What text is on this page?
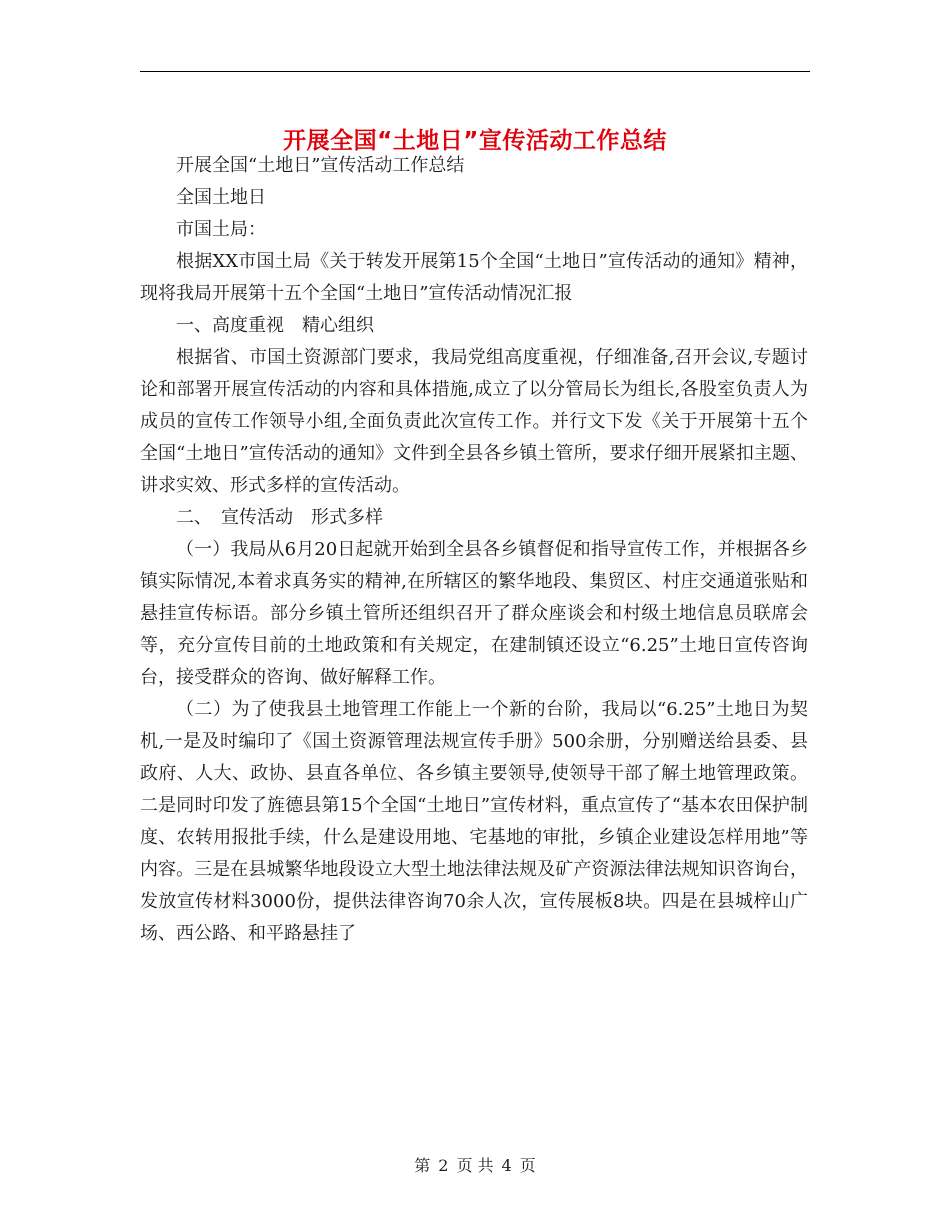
开展全国“土地日”宣传活动工作总结

开展全国“土地日”宣传活动工作总结

全国土地日

市国土局：

根据XX市国土局《关于转发开展第15个全国“土地日”宣传活动的通知》精神，现将我局开展第十五个全国“土地日”宣传活动情况汇报

一、高度重视　精心组织

根据省、市国土资源部门要求，我局党组高度重视，仔细准备,召开会议,专题讨论和部署开展宣传活动的内容和具体措施,成立了以分管局长为组长,各股室负责人为成员的宣传工作领导小组,全面负责此次宣传工作。并行文下发《关于开展第十五个全国“土地日”宣传活动的通知》文件到全县各乡镇土管所，要求仔细开展紧扣主题、讲求实效、形式多样的宣传活动。

二、　宣传活动　形式多样

（一）我局从6月20日起就开始到全县各乡镇督促和指导宣传工作，并根据各乡镇实际情况,本着求真务实的精神,在所辖区的繁华地段、集贸区、村庄交通道张贴和悬挂宣传标语。部分乡镇土管所还组织召开了群众座谈会和村级土地信息员联席会等，充分宣传目前的土地政策和有关规定，在建制镇还设立“6.25”土地日宣传咨询台，接受群众的咨询、做好解释工作。

（二）为了使我县土地管理工作能上一个新的台阶，我局以“6.25”土地日为契机,一是及时编印了《国土资源管理法规宣传手册》500余册，分别赠送给县委、县政府、人大、政协、县直各单位、各乡镇主要领导,使领导干部了解土地管理政策。二是同时印发了旌德县第15个全国“土地日”宣传材料，重点宣传了“基本农田保护制度、农转用报批手续，什么是建设用地、宅基地的审批，乡镇企业建设怎样用地”等内容。三是在县城繁华地段设立大型土地法律法规及矿产资源法律法规知识咨询台，发放宣传材料3000份，提供法律咨询70余人次，宣传展板8块。四是在县城梓山广场、西公路、和平路悬挂了

第 2 页 共 4 页
